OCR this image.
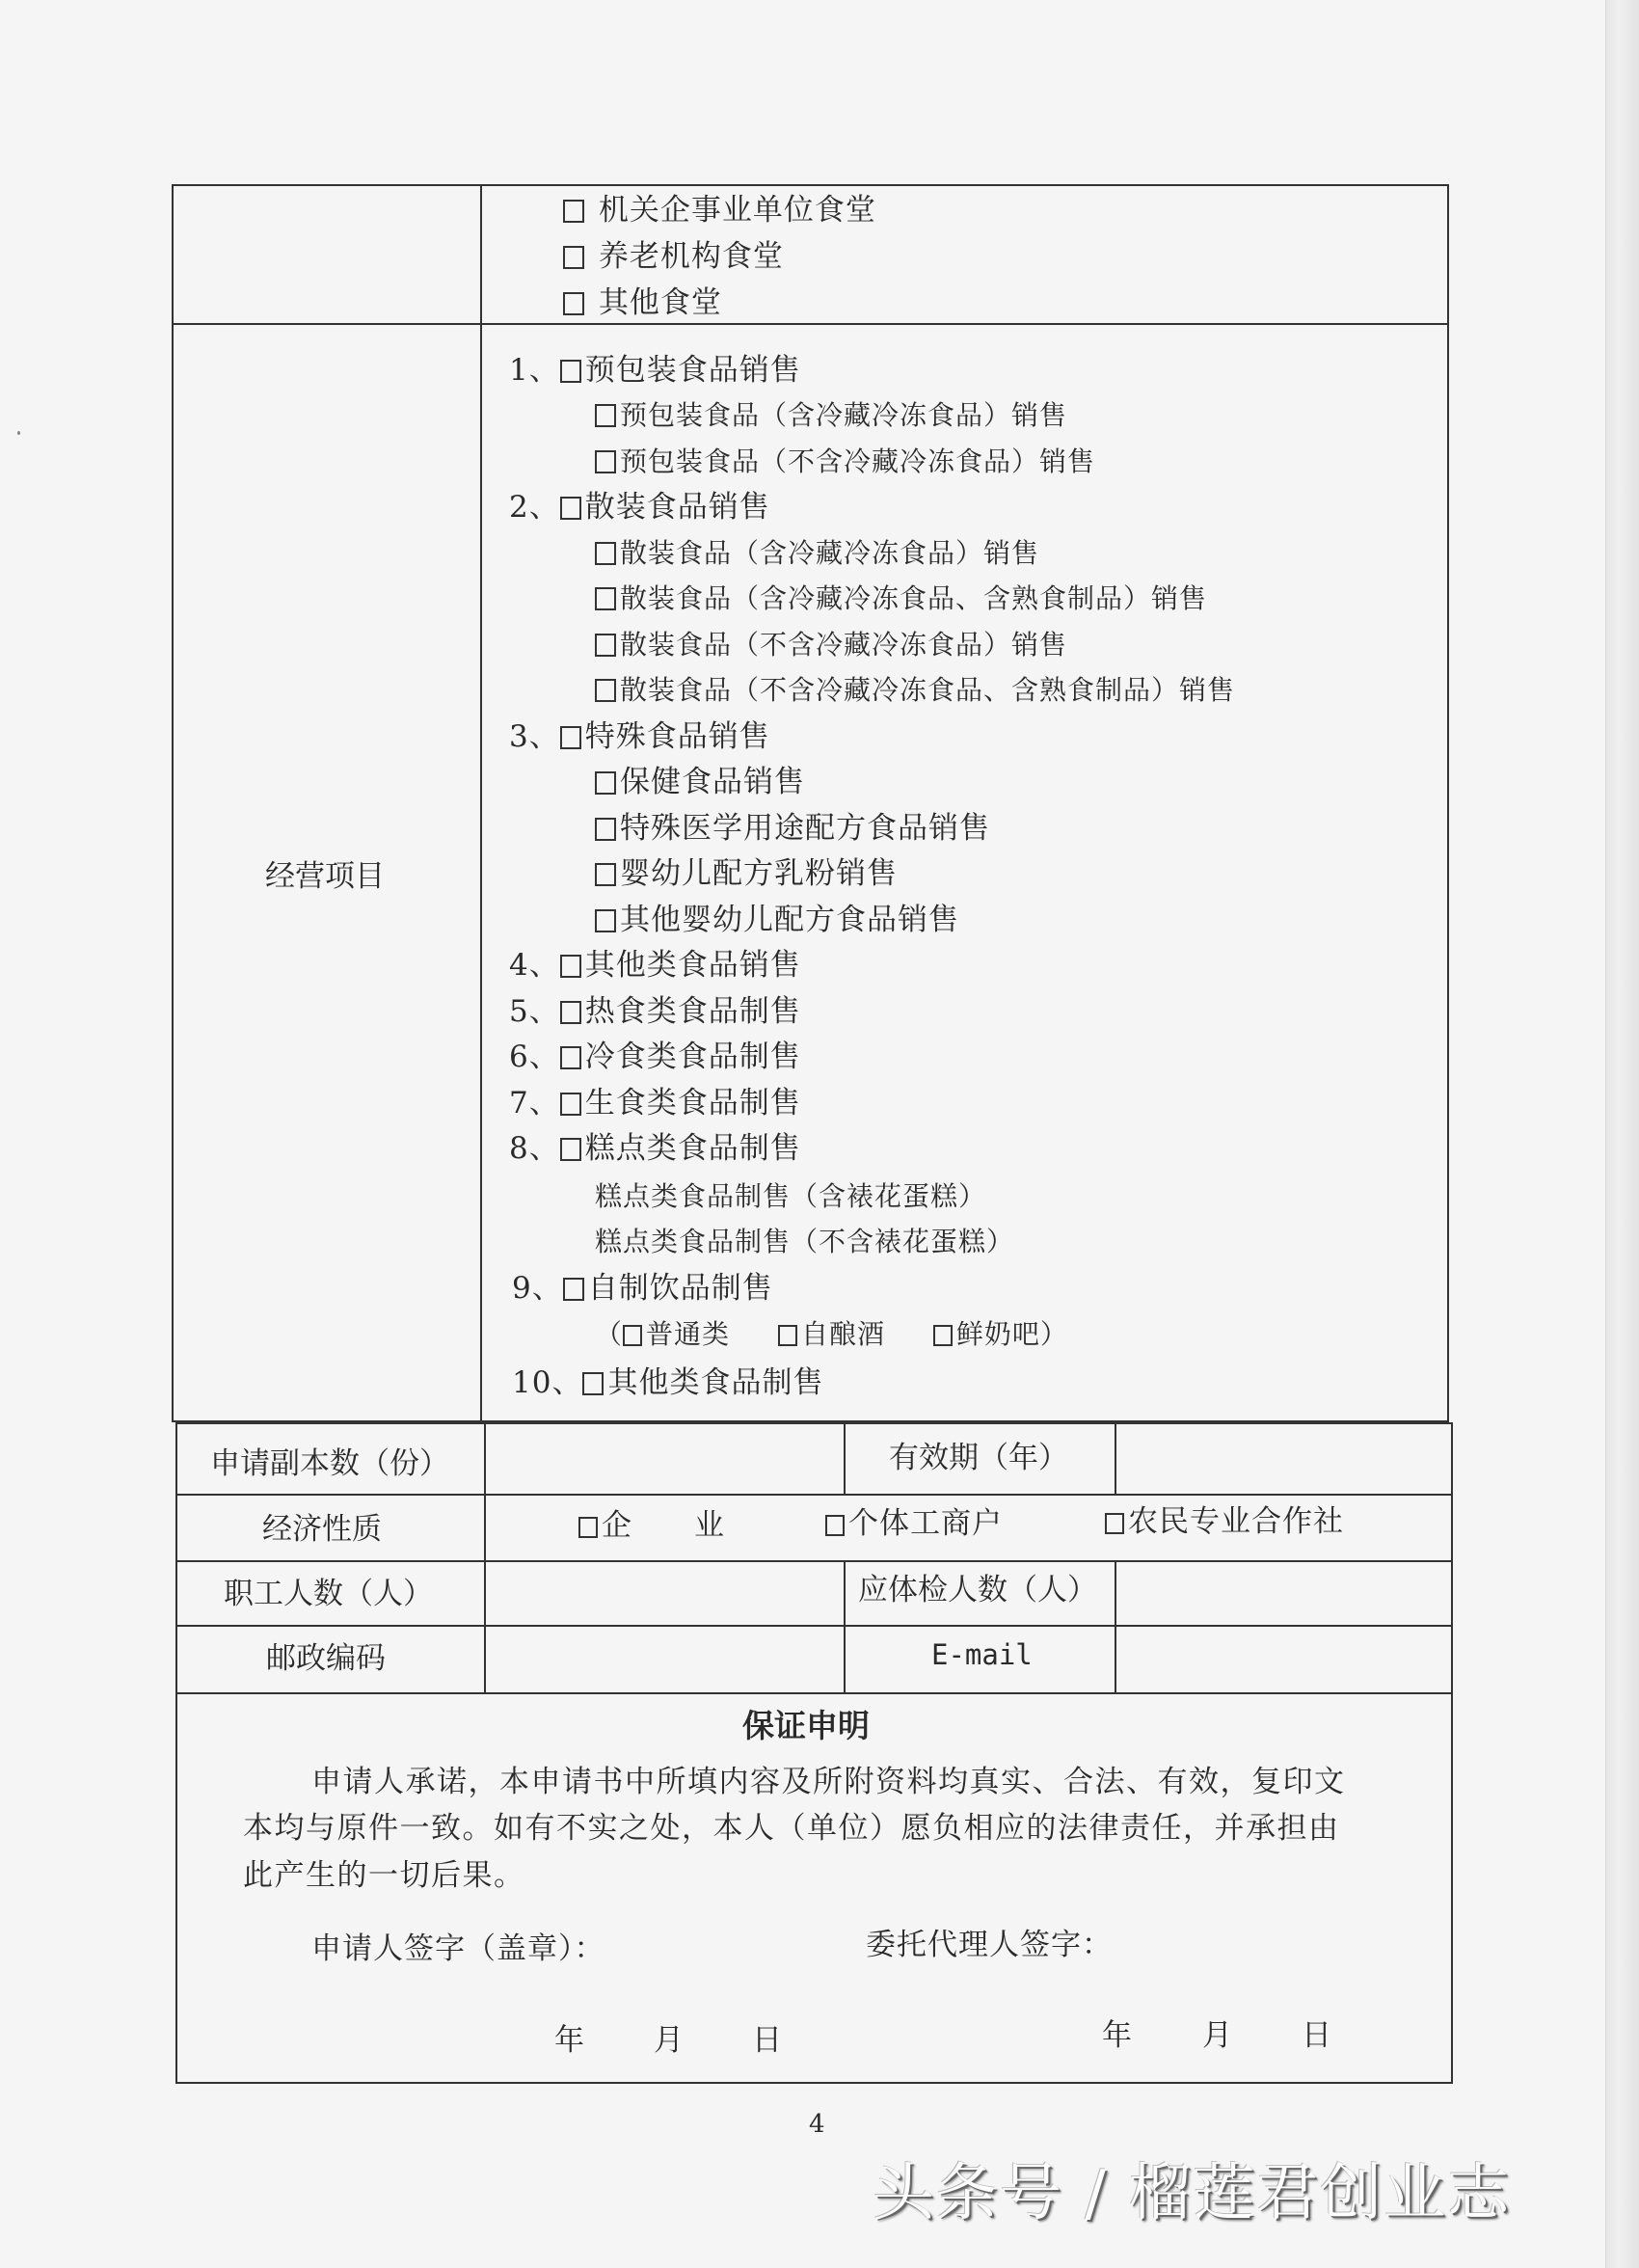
机关企事业单位食堂
养老机构食堂
其他食堂
经营项目
1、 预包装食品销售
预包装食品（含冷藏冷冻食品）销售
预包装食品（不含冷藏冷冻食品）销售
2、 散装食品销售
散装食品（含冷藏冷冻食品）销售
散装食品（含冷藏冷冻食品、含熟食制品）销售
散装食品（不含冷藏冷冻食品）销售
散装食品（不含冷藏冷冻食品、含熟食制品）销售
3、 特殊食品销售
保健食品销售
特殊医学用途配方食品销售
婴幼儿配方乳粉销售
其他婴幼儿配方食品销售
4、 其他类食品销售
5、 热食类食品制售
6、 冷食类食品制售
7、 生食类食品制售
8、 糕点类食品制售
糕点类食品制售（含裱花蛋糕）
糕点类食品制售（不含裱花蛋糕）
9、 自制饮品制售
（ 普通类	自酿酒	鲜奶吧）
10、 其他类食品制售
申请副本数（份）	有效期（年）
经济性质	企　　业	个体工商户	农民专业合作社
职工人数（人）	应体检人数（人）
邮政编码	E-mail
保证申明
申请人承诺，本申请书中所填内容及所附资料均真实、合法、有效，复印文
本均与原件一致。如有不实之处，本人（单位）愿负相应的法律责任，并承担由
此产生的一切后果。
申请人签字（盖章）：	委托代理人签字：
年 月 日	年 月 日
4
头条号 / 榴莲君创业志
